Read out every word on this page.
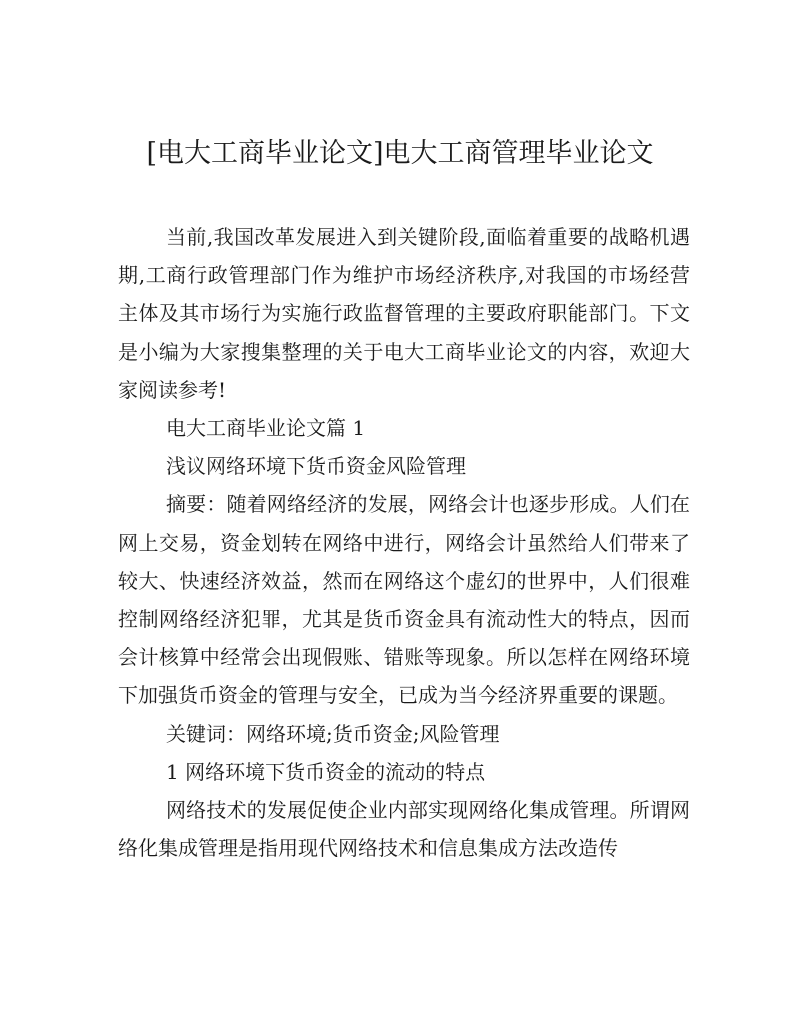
[电大工商毕业论文]电大工商管理毕业论文

当前,我国改革发展进入到关键阶段,面临着重要的战略机遇期,工商行政管理部门作为维护市场经济秩序,对我国的市场经营主体及其市场行为实施行政监督管理的主要政府职能部门。下文是小编为大家搜集整理的关于电大工商毕业论文的内容，欢迎大家阅读参考!

电大工商毕业论文篇 1

浅议网络环境下货币资金风险管理

摘要：随着网络经济的发展，网络会计也逐步形成。人们在网上交易，资金划转在网络中进行，网络会计虽然给人们带来了较大、快速经济效益，然而在网络这个虚幻的世界中，人们很难控制网络经济犯罪，尤其是货币资金具有流动性大的特点，因而会计核算中经常会出现假账、错账等现象。所以怎样在网络环境下加强货币资金的管理与安全，已成为当今经济界重要的课题。

关键词：网络环境;货币资金;风险管理

1 网络环境下货币资金的流动的特点

网络技术的发展促使企业内部实现网络化集成管理。所谓网络化集成管理是指用现代网络技术和信息集成方法改造传
